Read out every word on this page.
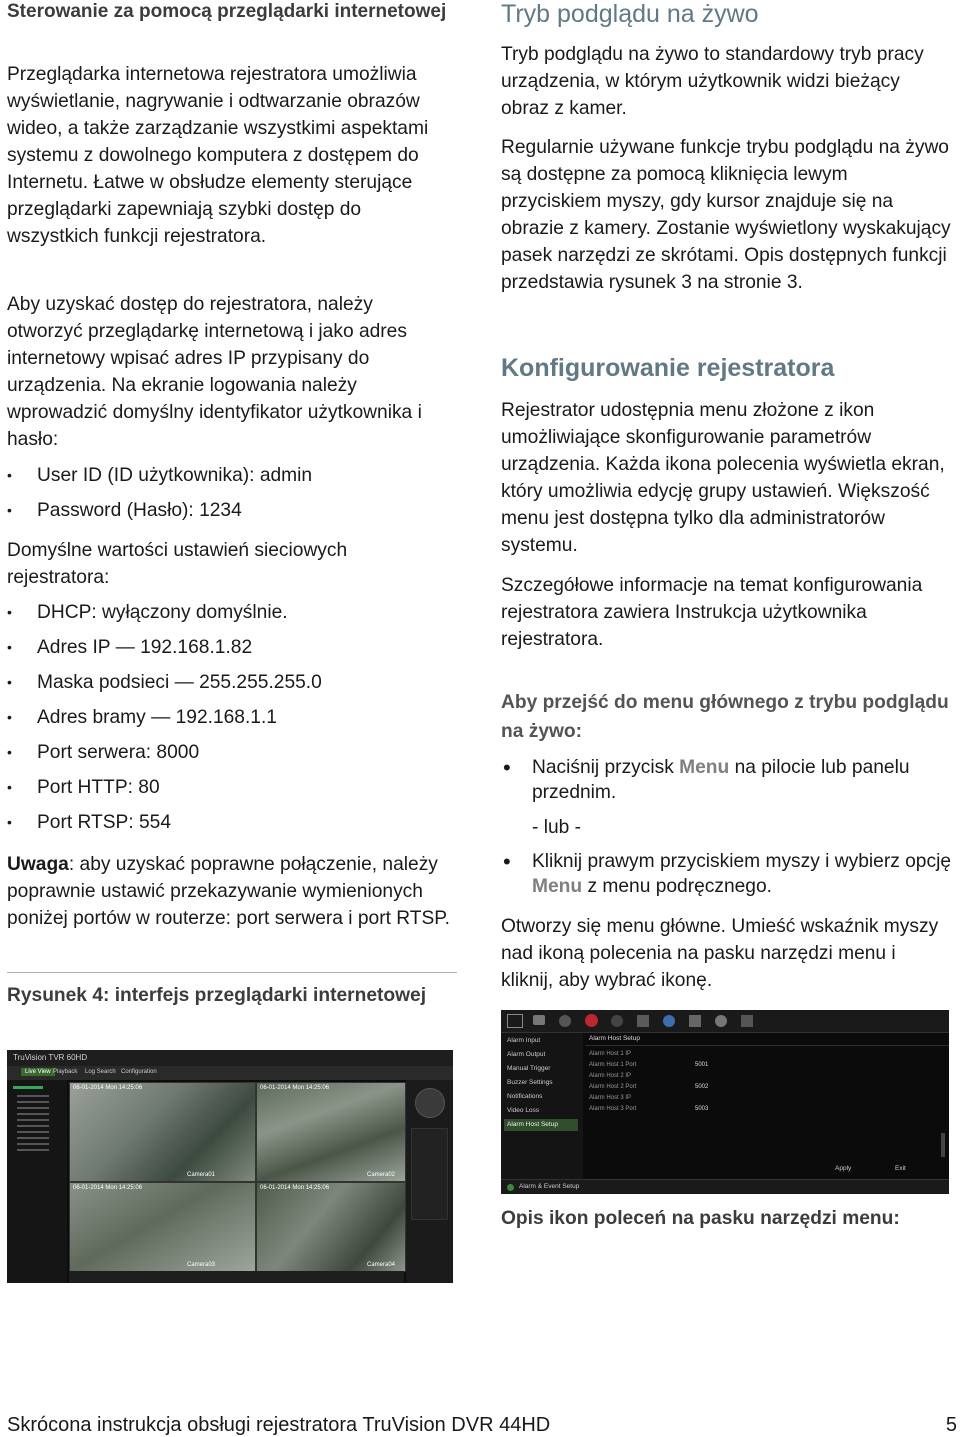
Sterowanie za pomocą przeglądarki internetowej

Przeglądarka internetowa rejestratora umożliwia wyświetlanie, nagrywanie i odtwarzanie obrazów wideo, a także zarządzanie wszystkimi aspektami systemu z dowolnego komputera z dostępem do Internetu. Łatwe w obsłudze elementy sterujące przeglądarki zapewniają szybki dostęp do wszystkich funkcji rejestratora.

Aby uzyskać dostęp do rejestratora, należy otworzyć przeglądarkę internetową i jako adres internetowy wpisać adres IP przypisany do urządzenia. Na ekranie logowania należy wprowadzić domyślny identyfikator użytkownika i hasło:

• User ID (ID użytkownika): admin
• Password (Hasło): 1234

Domyślne wartości ustawień sieciowych rejestratora:

• DHCP: wyłączony domyślnie.
• Adres IP — 192.168.1.82
• Maska podsieci — 255.255.255.0
• Adres bramy — 192.168.1.1
• Port serwera: 8000
• Port HTTP: 80
• Port RTSP: 554

Uwaga: aby uzyskać poprawne połączenie, należy poprawnie ustawić przekazywanie wymienionych poniżej portów w routerze: port serwera i port RTSP.

Rysunek 4: interfejs przeglądarki internetowej

TruVision TVR 60HD
Live View Playback Log Search Configuration
06-01-2014 Mon 14:25:06
Camera01
06-01-2014 Mon 14:25:06
Camera02
06-01-2014 Mon 14:25:06
Camera03
06-01-2014 Mon 14:25:06
Camera04
Tryb podglądu na żywo

Tryb podglądu na żywo to standardowy tryb pracy urządzenia, w którym użytkownik widzi bieżący obraz z kamer.

Regularnie używane funkcje trybu podglądu na żywo są dostępne za pomocą kliknięcia lewym przyciskiem myszy, gdy kursor znajduje się na obrazie z kamery. Zostanie wyświetlony wyskakujący pasek narzędzi ze skrótami. Opis dostępnych funkcji przedstawia rysunek 3 na stronie 3.

Konfigurowanie rejestratora

Rejestrator udostępnia menu złożone z ikon umożliwiające skonfigurowanie parametrów urządzenia. Każda ikona polecenia wyświetla ekran, który umożliwia edycję grupy ustawień. Większość menu jest dostępna tylko dla administratorów systemu.

Szczegółowe informacje na temat konfigurowania rejestratora zawiera Instrukcja użytkownika rejestratora.

Aby przejść do menu głównego z trybu podglądu na żywo:

• Naciśnij przycisk Menu na pilocie lub panelu przednim.

- lub -

• Kliknij prawym przyciskiem myszy i wybierz opcję Menu z menu podręcznego.

Otworzy się menu główne. Umieść wskaźnik myszy nad ikoną polecenia na pasku narzędzi menu i kliknij, aby wybrać ikonę.

Alarm Input
Alarm Output
Manual Trigger
Buzzer Settings
Notifications
Video Loss
Alarm Host Setup
Alarm Host Setup
Alarm Host 1 IP
Alarm Host 1 Port	5001
Alarm Host 2 IP
Alarm Host 2 Port	5002
Alarm Host 3 IP
Alarm Host 3 Port	5003
Apply	Exit
Alarm & Event Setup

Opis ikon poleceń na pasku narzędzi menu:

Skrócona instrukcja obsługi rejestratora TruVision DVR 44HD	5
